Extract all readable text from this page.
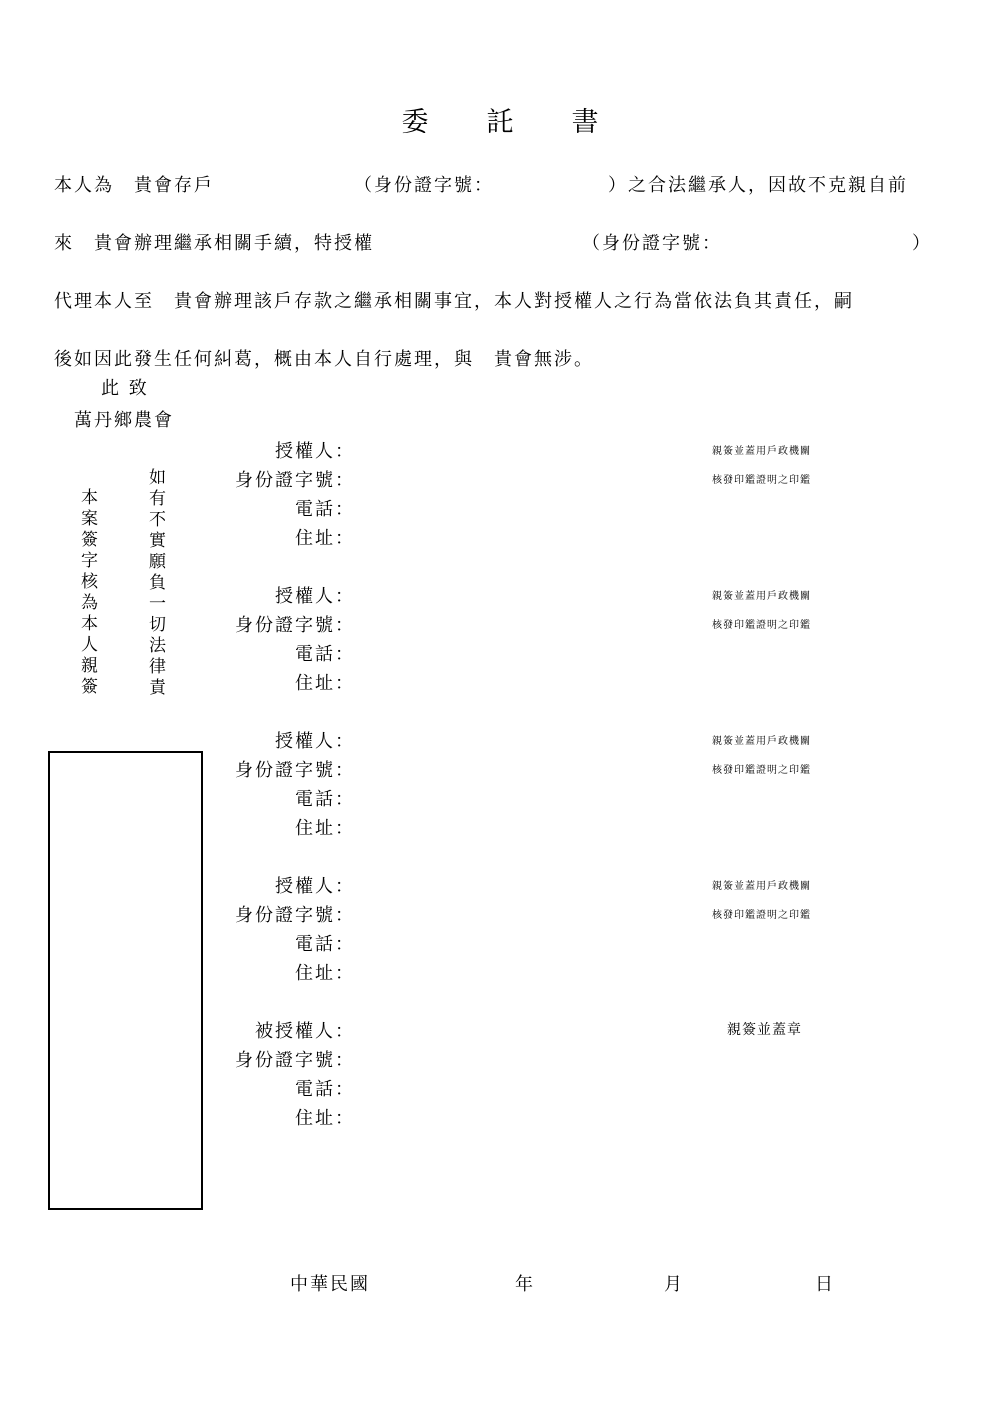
委託書
本人為　貴會存戶	（身份證字號：	）之合法繼承人，因故不克親自前
來　貴會辦理繼承相關手續，特授權	（身份證字號：	）
代理本人至　貴會辦理該戶存款之繼承相關事宜，本人對授權人之行為當依法負其責任，嗣
後如因此發生任何糾葛，概由本人自行處理，與　貴會無涉。
此 致
萬丹鄉農會
本案簽字核為本人親簽	如有不實願負一切法律責
授權人：
身份證字號：
電話：
住址：
親簽並蓋用戶政機關
核發印鑑證明之印鑑
授權人：
身份證字號：
電話：
住址：
親簽並蓋用戶政機關
核發印鑑證明之印鑑
授權人：
身份證字號：
電話：
住址：
親簽並蓋用戶政機關
核發印鑑證明之印鑑
授權人：
身份證字號：
電話：
住址：
親簽並蓋用戶政機關
核發印鑑證明之印鑑
被授權人：
身份證字號：
電話：
住址：
親簽並蓋章
中華民國	年	月	日
